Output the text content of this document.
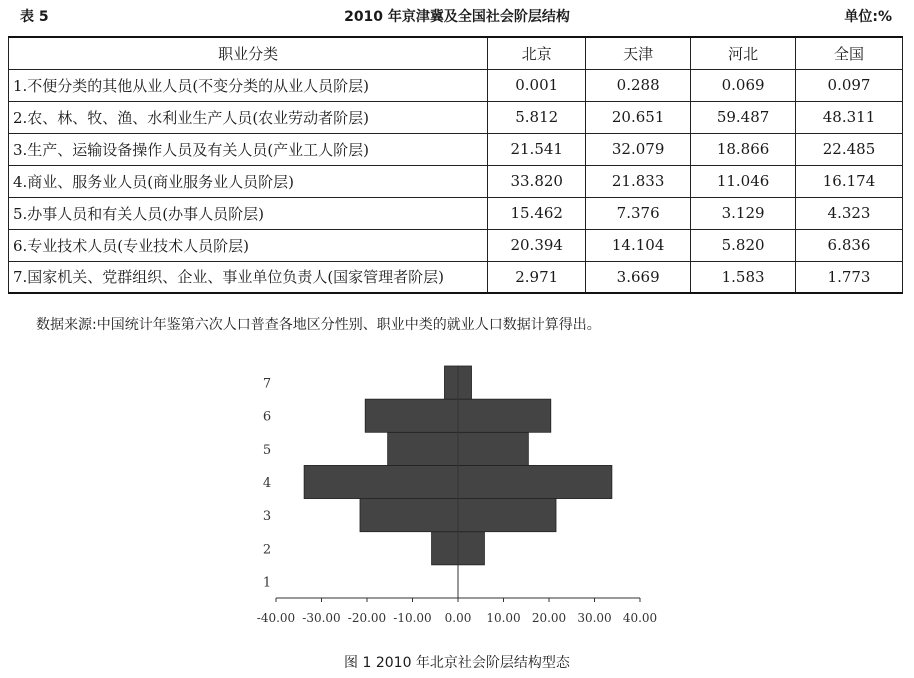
2010 年京津冀及全国社会阶层结构
表 5	单位:%
职业分类	北京	天津	河北	全国
1.不便分类的其他从业人员(不变分类的从业人员阶层)	0.001	0.288	0.069	0.097
2.农、林、牧、渔、水利业生产人员(农业劳动者阶层)	5.812	20.651	59.487	48.311
3.生产、运输设备操作人员及有关人员(产业工人阶层)	21.541	32.079	18.866	22.485
4.商业、服务业人员(商业服务业人员阶层)	33.820	21.833	11.046	16.174
5.办事人员和有关人员(办事人员阶层)	15.462	7.376	3.129	4.323
6.专业技术人员(专业技术人员阶层)	20.394	14.104	5.820	6.836
7.国家机关、党群组织、企业、事业单位负责人(国家管理者阶层)	2.971	3.669	1.583	1.773
数据来源:中国统计年鉴第六次人口普查各地区分性别、职业中类的就业人口数据计算得出。
1
2
3
4
5
6
7
-40.00 -30.00 -20.00 -10.00 0.00 10.00 20.00 30.00 40.00
图 1 2010 年北京社会阶层结构型态
